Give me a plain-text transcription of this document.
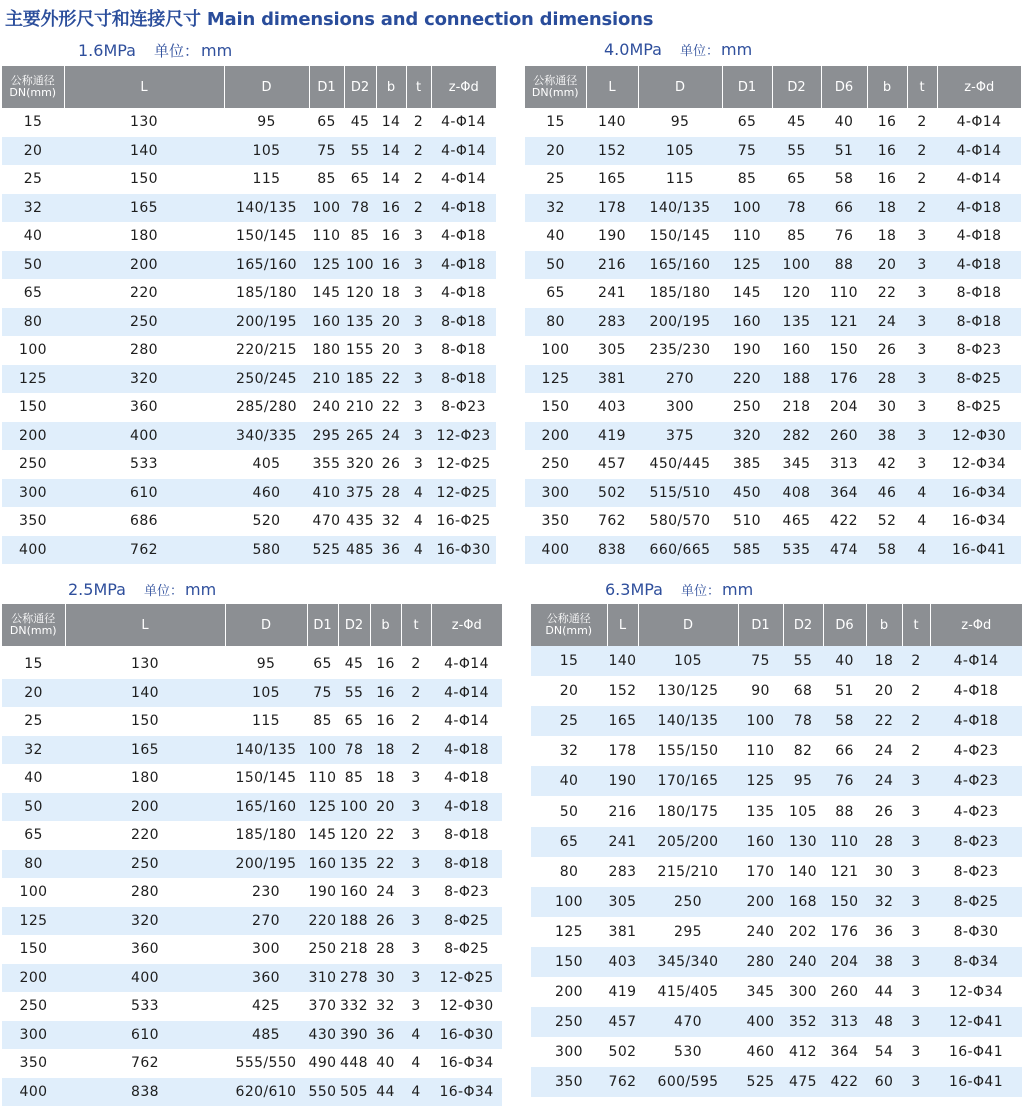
主要外形尺寸和连接尺寸 Main dimensions and connection dimensions
1.6MPa 单位： mm
公称通径
DN(mm)	L	D	D1	D2	b	t	z-Φd
15	130	95	65	45	14	2	4-Φ14
20	140	105	75	55	14	2	4-Φ14
25	150	115	85	65	14	2	4-Φ14
32	165	140/135	100	78	16	2	4-Φ18
40	180	150/145	110	85	16	3	4-Φ18
50	200	165/160	125	100	16	3	4-Φ18
65	220	185/180	145	120	18	3	4-Φ18
80	250	200/195	160	135	20	3	8-Φ18
100	280	220/215	180	155	20	3	8-Φ18
125	320	250/245	210	185	22	3	8-Φ18
150	360	285/280	240	210	22	3	8-Φ23
200	400	340/335	295	265	24	3	12-Φ23
250	533	405	355	320	26	3	12-Φ25
300	610	460	410	375	28	4	12-Φ25
350	686	520	470	435	32	4	16-Φ25
400	762	580	525	485	36	4	16-Φ30
4.0MPa 单位： mm
公称通径
DN(mm)	L	D	D1	D2	D6	b	t	z-Φd
15	140	95	65	45	40	16	2	4-Φ14
20	152	105	75	55	51	16	2	4-Φ14
25	165	115	85	65	58	16	2	4-Φ14
32	178	140/135	100	78	66	18	2	4-Φ18
40	190	150/145	110	85	76	18	3	4-Φ18
50	216	165/160	125	100	88	20	3	4-Φ18
65	241	185/180	145	120	110	22	3	8-Φ18
80	283	200/195	160	135	121	24	3	8-Φ18
100	305	235/230	190	160	150	26	3	8-Φ23
125	381	270	220	188	176	28	3	8-Φ25
150	403	300	250	218	204	30	3	8-Φ25
200	419	375	320	282	260	38	3	12-Φ30
250	457	450/445	385	345	313	42	3	12-Φ34
300	502	515/510	450	408	364	46	4	16-Φ34
350	762	580/570	510	465	422	52	4	16-Φ34
400	838	660/665	585	535	474	58	4	16-Φ41
2.5MPa 单位： mm
公称通径
DN(mm)	L	D	D1	D2	b	t	z-Φd

15	130	95	65	45	16	2	4-Φ14
20	140	105	75	55	16	2	4-Φ14
25	150	115	85	65	16	2	4-Φ14
32	165	140/135	100	78	18	2	4-Φ18
40	180	150/145	110	85	18	3	4-Φ18
50	200	165/160	125	100	20	3	4-Φ18
65	220	185/180	145	120	22	3	8-Φ18
80	250	200/195	160	135	22	3	8-Φ18
100	280	230	190	160	24	3	8-Φ23
125	320	270	220	188	26	3	8-Φ25
150	360	300	250	218	28	3	8-Φ25
200	400	360	310	278	30	3	12-Φ25
250	533	425	370	332	32	3	12-Φ30
300	610	485	430	390	36	4	16-Φ30
350	762	555/550	490	448	40	4	16-Φ34
400	838	620/610	550	505	44	4	16-Φ34
6.3MPa 单位： mm
公称通径
DN(mm)	L	D	D1	D2	D6	b	t	z-Φd
15	140	105	75	55	40	18	2	4-Φ14
20	152	130/125	90	68	51	20	2	4-Φ18
25	165	140/135	100	78	58	22	2	4-Φ18
32	178	155/150	110	82	66	24	2	4-Φ23
40	190	170/165	125	95	76	24	3	4-Φ23
50	216	180/175	135	105	88	26	3	4-Φ23
65	241	205/200	160	130	110	28	3	8-Φ23
80	283	215/210	170	140	121	30	3	8-Φ23
100	305	250	200	168	150	32	3	8-Φ25
125	381	295	240	202	176	36	3	8-Φ30
150	403	345/340	280	240	204	38	3	8-Φ34
200	419	415/405	345	300	260	44	3	12-Φ34
250	457	470	400	352	313	48	3	12-Φ41
300	502	530	460	412	364	54	3	16-Φ41
350	762	600/595	525	475	422	60	3	16-Φ41
